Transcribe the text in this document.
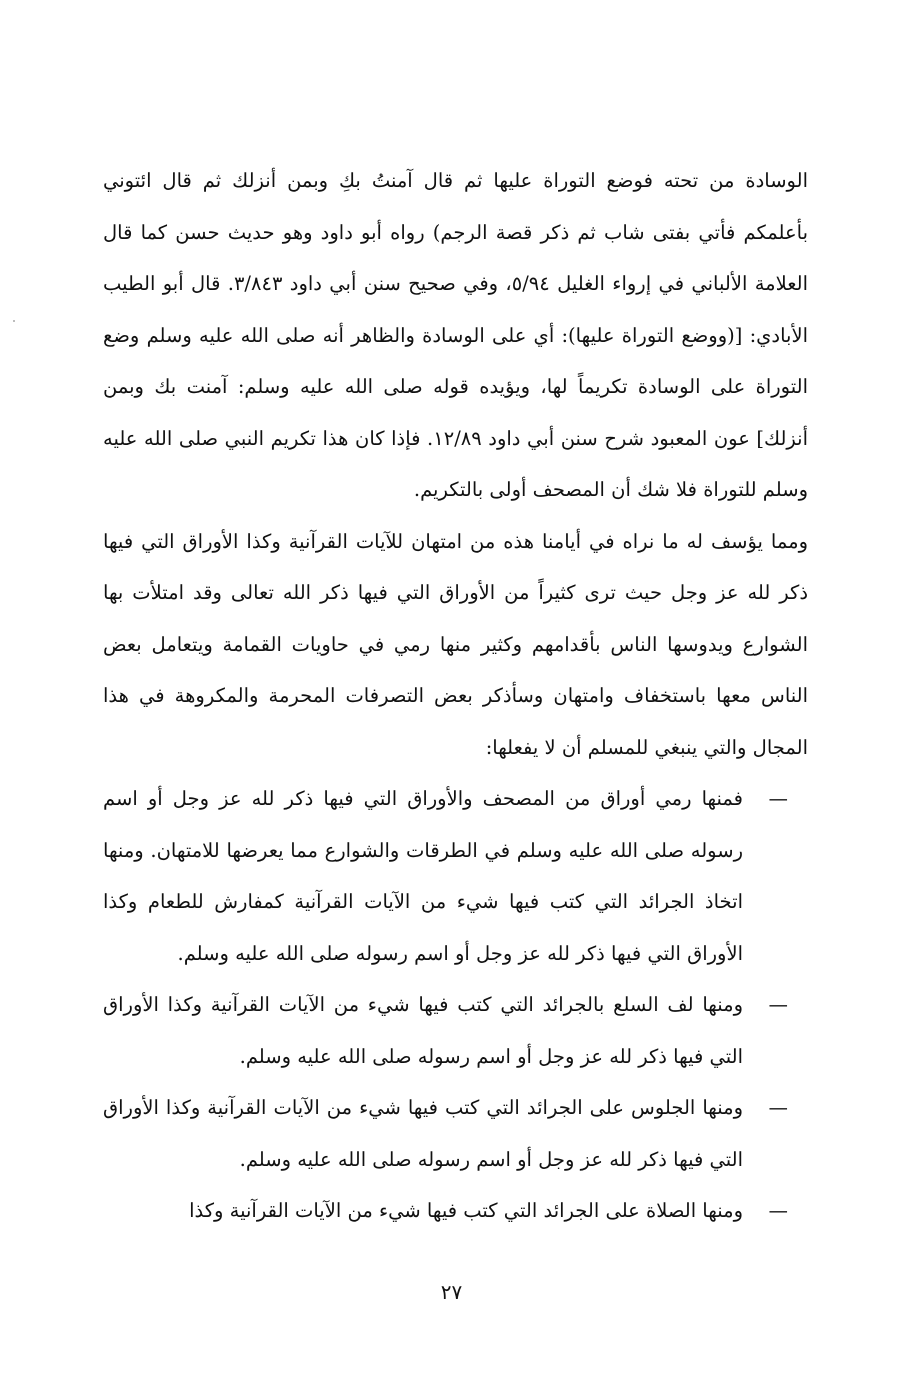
الوسادة من تحته فوضع التوراة عليها ثم قال آمنتُ بكِ وبمن أنزلك ثم قال ائتوني بأعلمكم فأتي بفتى شاب ثم ذكر قصة الرجم) رواه أبو داود وهو حديث حسن كما قال العلامة الألباني في إرواء الغليل ٥/٩٤، وفي صحيح سنن أبي داود ٣/٨٤٣. قال أبو الطيب الأبادي: [(ووضع التوراة عليها): أي على الوسادة والظاهر أنه صلى الله عليه وسلم وضع التوراة على الوسادة تكريماً لها، ويؤيده قوله صلى الله عليه وسلم: آمنت بك وبمن أنزلك] عون المعبود شرح سنن أبي داود ١٢/٨٩. فإذا كان هذا تكريم النبي صلى الله عليه وسلم للتوراة فلا شك أن المصحف أولى بالتكريم.

ومما يؤسف له ما نراه في أيامنا هذه من امتهان للآيات القرآنية وكذا الأوراق التي فيها ذكر لله عز وجل حيث ترى كثيراً من الأوراق التي فيها ذكر الله تعالى وقد امتلأت بها الشوارع ويدوسها الناس بأقدامهم وكثير منها رمي في حاويات القمامة ويتعامل بعض الناس معها باستخفاف وامتهان وسأذكر بعض التصرفات المحرمة والمكروهة في هذا المجال والتي ينبغي للمسلم أن لا يفعلها:

—
فمنها رمي أوراق من المصحف والأوراق التي فيها ذكر لله عز وجل أو اسم رسوله صلى الله عليه وسلم في الطرقات والشوارع مما يعرضها للامتهان. ومنها اتخاذ الجرائد التي كتب فيها شيء من الآيات القرآنية كمفارش للطعام وكذا الأوراق التي فيها ذكر لله عز وجل أو اسم رسوله صلى الله عليه وسلم.
—
ومنها لف السلع بالجرائد التي كتب فيها شيء من الآيات القرآنية وكذا الأوراق التي فيها ذكر لله عز وجل أو اسم رسوله صلى الله عليه وسلم.
—
ومنها الجلوس على الجرائد التي كتب فيها شيء من الآيات القرآنية وكذا الأوراق التي فيها ذكر لله عز وجل أو اسم رسوله صلى الله عليه وسلم.
—
ومنها الصلاة على الجرائد التي كتب فيها شيء من الآيات القرآنية وكذا
٢٧
